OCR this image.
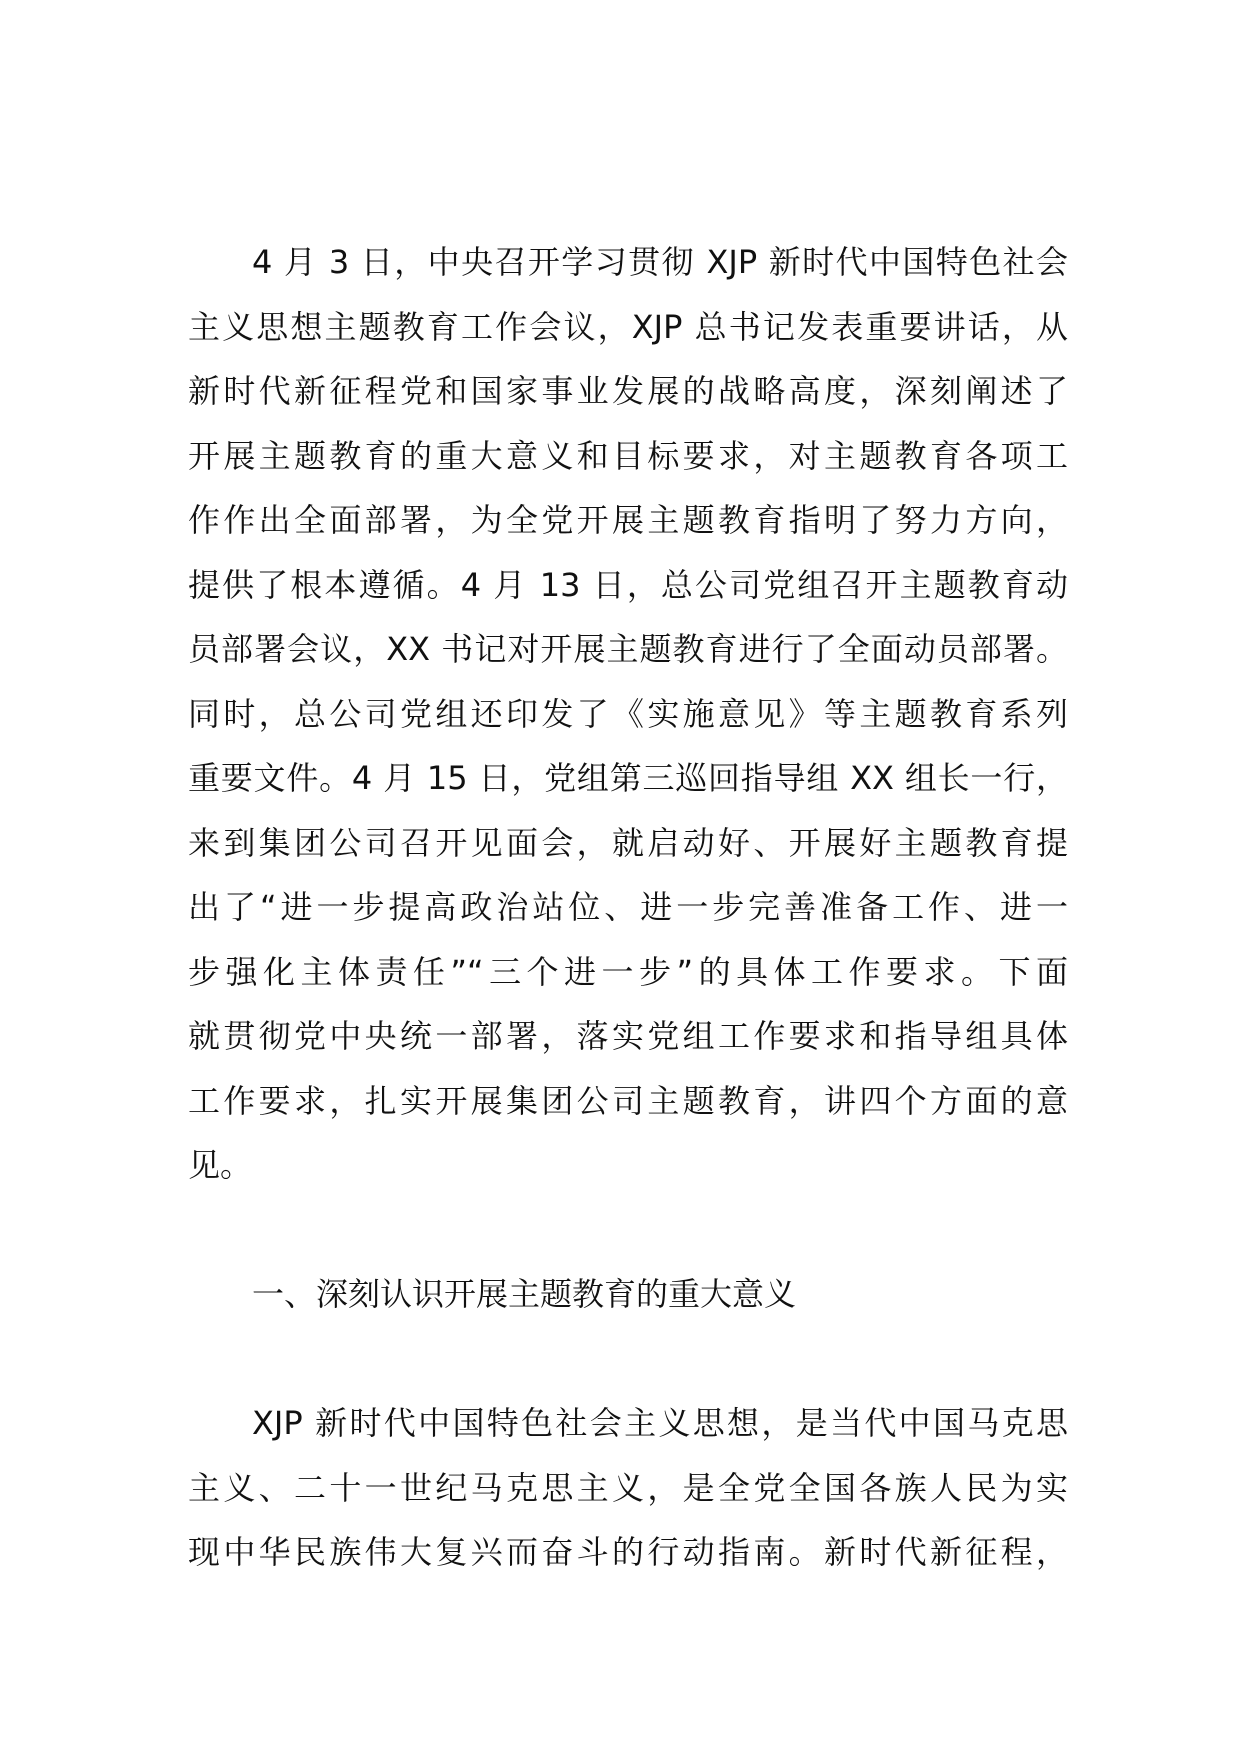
4 月 3 日，中央召开学习贯彻 XJP 新时代中国特色社会
主义思想主题教育工作会议，XJP 总书记发表重要讲话，从
新时代新征程党和国家事业发展的战略高度，深刻阐述了
开展主题教育的重大意义和目标要求，对主题教育各项工
作作出全面部署，为全党开展主题教育指明了努力方向，
提供了根本遵循。4 月 13 日，总公司党组召开主题教育动
员部署会议，XX 书记对开展主题教育进行了全面动员部署。
同时，总公司党组还印发了《实施意见》等主题教育系列
重要文件。4 月 15 日，党组第三巡回指导组 XX 组长一行，
来到集团公司召开见面会，就启动好、开展好主题教育提
出了“进一步提高政治站位、进一步完善准备工作、进一
步强化主体责任”“三个进一步”的具体工作要求。下面
就贯彻党中央统一部署，落实党组工作要求和指导组具体
工作要求，扎实开展集团公司主题教育，讲四个方面的意
见。
一、深刻认识开展主题教育的重大意义
XJP 新时代中国特色社会主义思想，是当代中国马克思
主义、二十一世纪马克思主义，是全党全国各族人民为实
现中华民族伟大复兴而奋斗的行动指南。新时代新征程，
